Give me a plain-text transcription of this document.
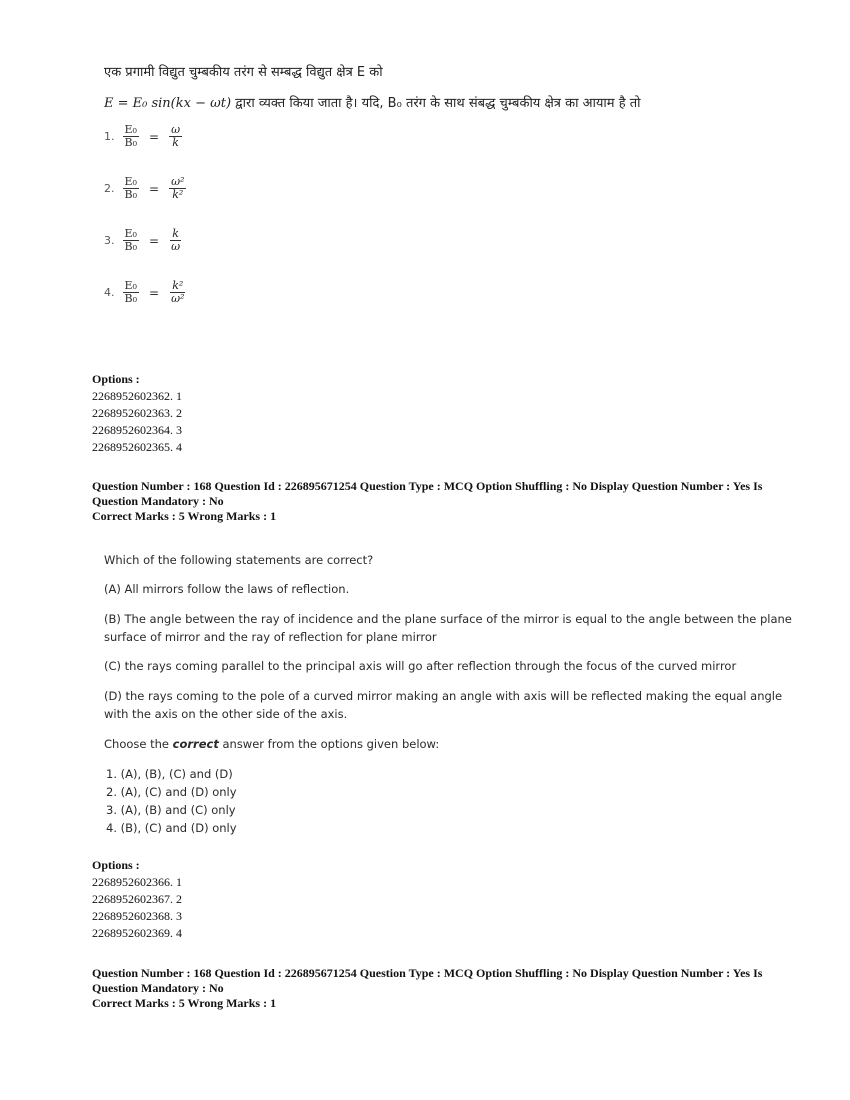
एक प्रगामी विद्युत चुम्बकीय तरंग से सम्बद्ध विद्युत क्षेत्र E को
E = E₀ sin(kx − ωt) द्वारा व्यक्त किया जाता है। यदि, B₀ तरंग के साथ संबद्ध चुम्बकीय क्षेत्र का आयाम है तो
1. $\frac{\text{E₀}}{\text{B₀}} = \frac{\omega}{k}$
2. $\frac{\text{E₀}}{\text{B₀}} = \frac{\text{ω²}}{\text{k²}}$
3. $\frac{\text{E₀}}{\text{B₀}} = \frac{k}{\omega}$
4. $\frac{\text{E₀}}{\text{B₀}} = \frac{\text{k²}}{\text{ω²}}$
Options :
2268952602362. 1
2268952602363. 2
2268952602364. 3
2268952602365. 4
Question Number : 168 Question Id : 226895671254 Question Type : MCQ Option Shuffling : No Display Question Number : Yes Is
Question Mandatory : No
Correct Marks : 5 Wrong Marks : 1
Which of the following statements are correct?
(A) All mirrors follow the laws of reflection.
(B) The angle between the ray of incidence and the plane surface of the mirror is equal to the angle between the plane
surface of mirror and the ray of reflection for plane mirror
(C) the rays coming parallel to the principal axis will go after reflection through the focus of the curved mirror
(D) the rays coming to the pole of a curved mirror making an angle with axis will be reflected making the equal angle
with the axis on the other side of the axis.
Choose the correct answer from the options given below:
1. (A), (B), (C) and (D)
2. (A), (C) and (D) only
3. (A), (B) and (C) only
4. (B), (C) and (D) only
Options :
2268952602366. 1
2268952602367. 2
2268952602368. 3
2268952602369. 4
Question Number : 168 Question Id : 226895671254 Question Type : MCQ Option Shuffling : No Display Question Number : Yes Is
Question Mandatory : No
Correct Marks : 5 Wrong Marks : 1
